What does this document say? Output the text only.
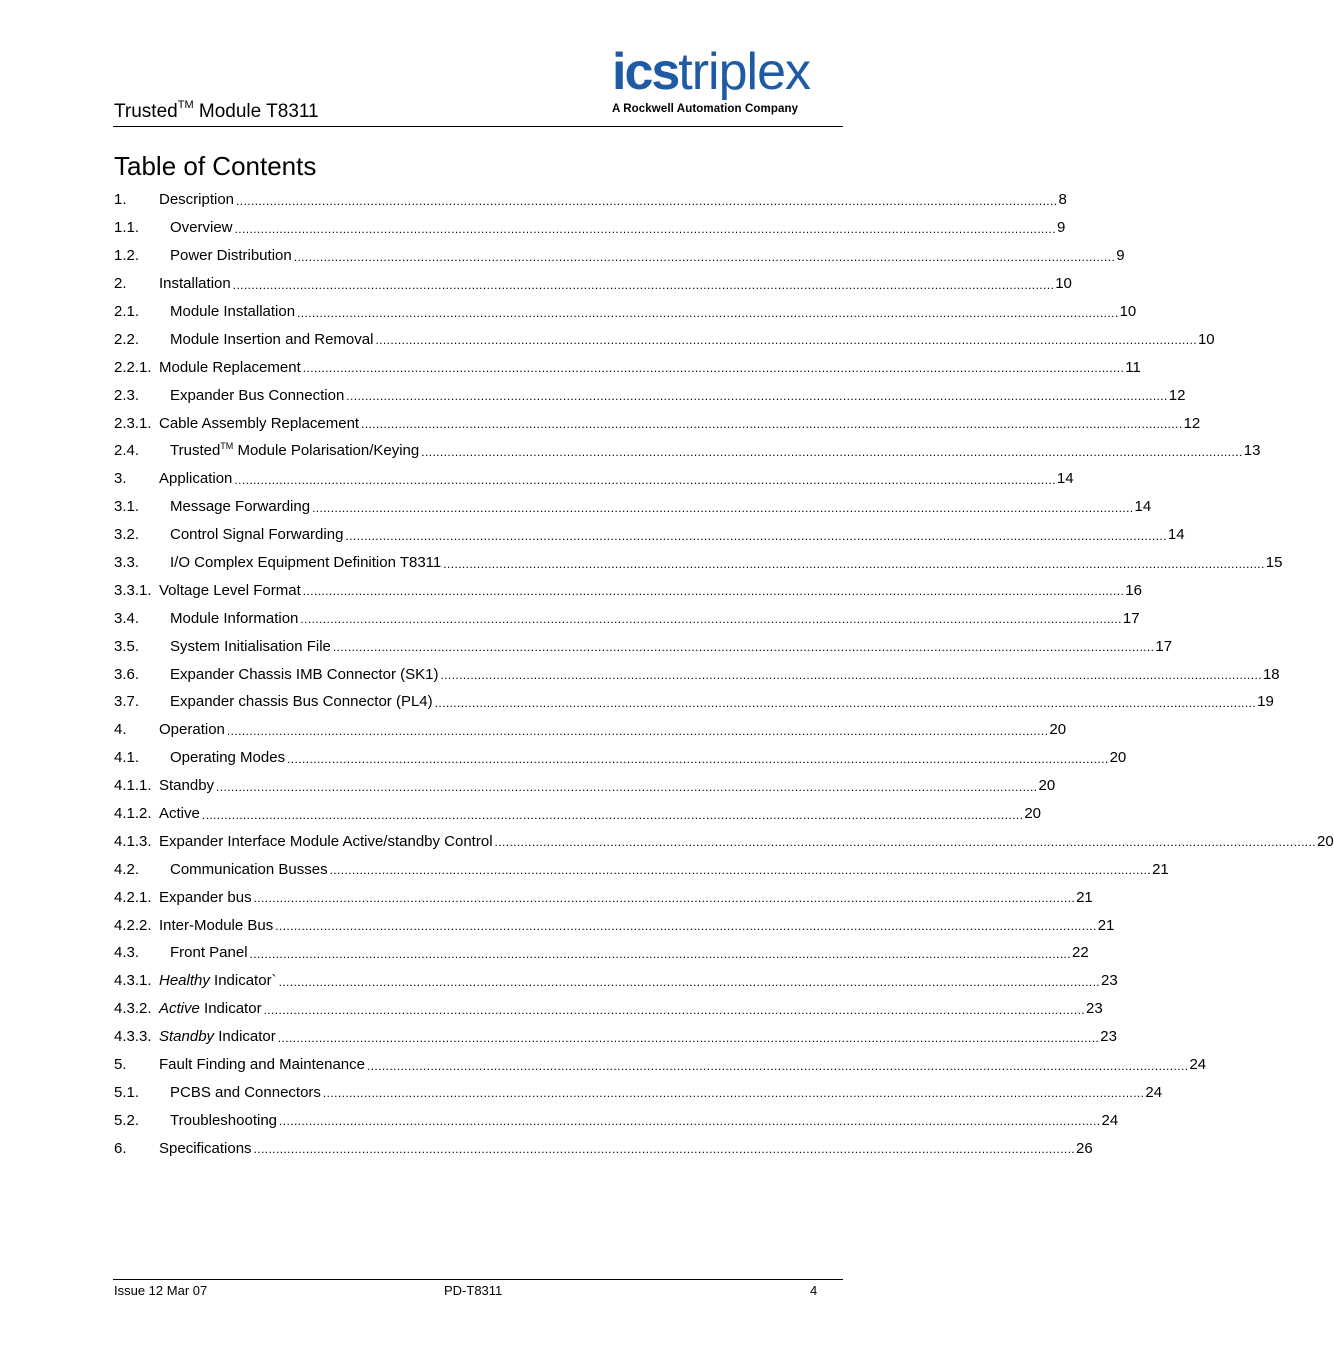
Trusted™ Module T8311
icstriplex
A Rockwell Automation Company
Table of Contents
1.	Description ............................................................................................................................................................................................................................ 8
1.1.	Overview ............................................................................................................................................................................................................................ 9
1.2.	Power Distribution ............................................................................................................................................................................................................................ 9
2.	Installation ............................................................................................................................................................................................................................ 10
2.1.	Module Installation ............................................................................................................................................................................................................................ 10
2.2.	Module Insertion and Removal ............................................................................................................................................................................................................................ 10
2.2.1. Module Replacement ............................................................................................................................................................................................................................ 11
2.3.	Expander Bus Connection ............................................................................................................................................................................................................................ 12
2.3.1. Cable Assembly Replacement ............................................................................................................................................................................................................................ 12
2.4.	Trusted™ Module Polarisation/Keying ............................................................................................................................................................................................................................ 13
3.	Application ............................................................................................................................................................................................................................ 14
3.1.	Message Forwarding ............................................................................................................................................................................................................................ 14
3.2.	Control Signal Forwarding ............................................................................................................................................................................................................................ 14
3.3.	I/O Complex Equipment Definition T8311 ............................................................................................................................................................................................................................ 15
3.3.1. Voltage Level Format ............................................................................................................................................................................................................................ 16
3.4.	Module Information ............................................................................................................................................................................................................................ 17
3.5.	System Initialisation File ............................................................................................................................................................................................................................ 17
3.6.	Expander Chassis IMB Connector (SK1) ............................................................................................................................................................................................................................ 18
3.7.	Expander chassis Bus Connector (PL4) ............................................................................................................................................................................................................................ 19
4.	Operation ............................................................................................................................................................................................................................ 20
4.1.	Operating Modes ............................................................................................................................................................................................................................ 20
4.1.1. Standby ............................................................................................................................................................................................................................ 20
4.1.2. Active ............................................................................................................................................................................................................................ 20
4.1.3. Expander Interface Module Active/standby Control ............................................................................................................................................................................................................................ 20
4.2.	Communication Busses ............................................................................................................................................................................................................................ 21
4.2.1. Expander bus ............................................................................................................................................................................................................................ 21
4.2.2. Inter-Module Bus ............................................................................................................................................................................................................................ 21
4.3.	Front Panel ............................................................................................................................................................................................................................ 22
4.3.1. Healthy Indicator` ............................................................................................................................................................................................................................ 23
4.3.2. Active Indicator ............................................................................................................................................................................................................................ 23
4.3.3. Standby Indicator ............................................................................................................................................................................................................................ 23
5.	Fault Finding and Maintenance ............................................................................................................................................................................................................................ 24
5.1.	PCBS and Connectors ............................................................................................................................................................................................................................ 24
5.2.	Troubleshooting ............................................................................................................................................................................................................................ 24
6.	Specifications ............................................................................................................................................................................................................................ 26
Issue 12 Mar 07	PD-T8311	4
